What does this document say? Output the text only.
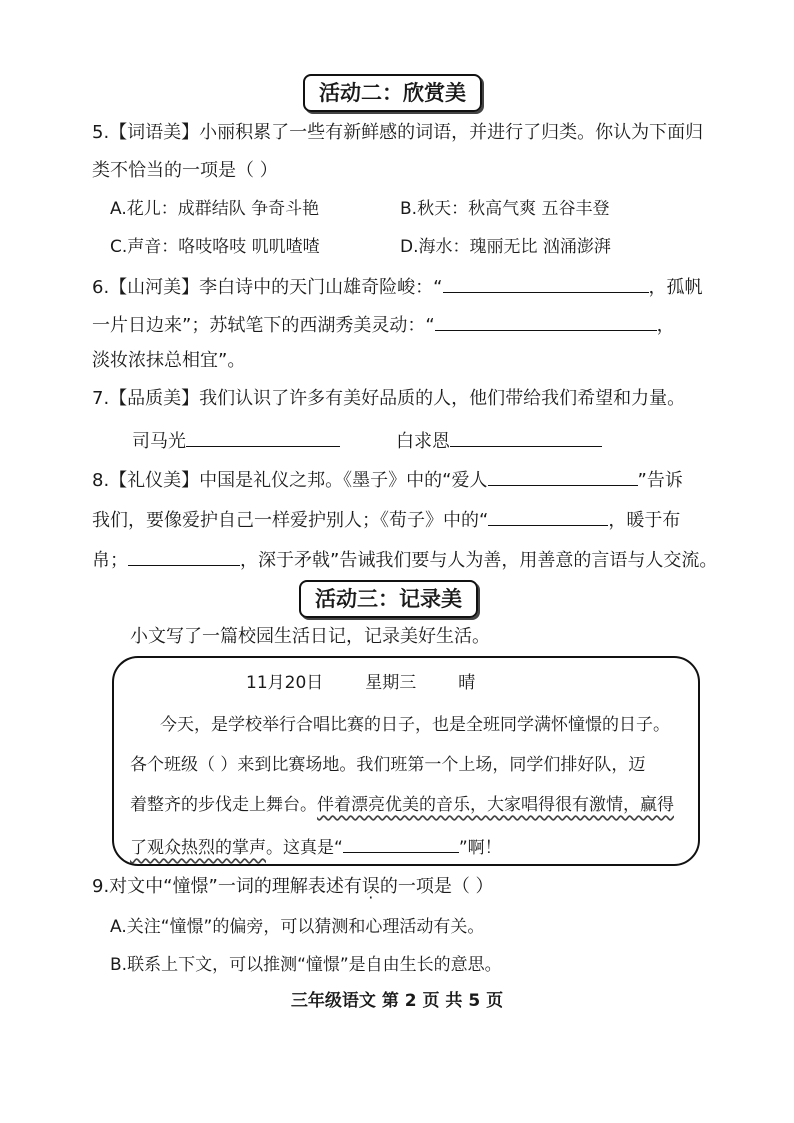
活动二：欣赏美
5.【词语美】小丽积累了一些有新鲜感的词语，并进行了归类。你认为下面归
类不恰当的一项是（ ）
A.花儿：成群结队 争奇斗艳	B.秋天：秋高气爽 五谷丰登
C.声音：咯吱咯吱 叽叽喳喳	D.海水：瑰丽无比 汹涌澎湃
6.【山河美】李白诗中的天门山雄奇险峻：“	，孤帆
一片日边来”；苏轼笔下的西湖秀美灵动：“	，
淡妆浓抹总相宜”。
7.【品质美】我们认识了许多有美好品质的人，他们带给我们希望和力量。
司马光	白求恩
8.【礼仪美】中国是礼仪之邦。《墨子》中的“爱人	”告诉
我们，要像爱护自己一样爱护别人；《荀子》中的“	，暖于布
帛；	，深于矛戟”告诫我们要与人为善，用善意的言语与人交流。
活动三：记录美
小文写了一篇校园生活日记，记录美好生活。
11月20日 星期三 晴
今天，是学校举行合唱比赛的日子，也是全班同学满怀憧憬的日子。
各个班级（ ）来到比赛场地。我们班第一个上场，同学们排好队，迈
着整齐的步伐走上舞台。伴着漂亮优美的音乐，大家唱得很有激情，赢得
了观众热烈的掌声。这真是“	”啊！
9.对文中“憧憬”一词的理解表述有误的一项是（ ）
A.关注“憧憬”的偏旁，可以猜测和心理活动有关。
B.联系上下文，可以推测“憧憬”是自由生长的意思。
三年级语文 第 2 页 共 5 页
